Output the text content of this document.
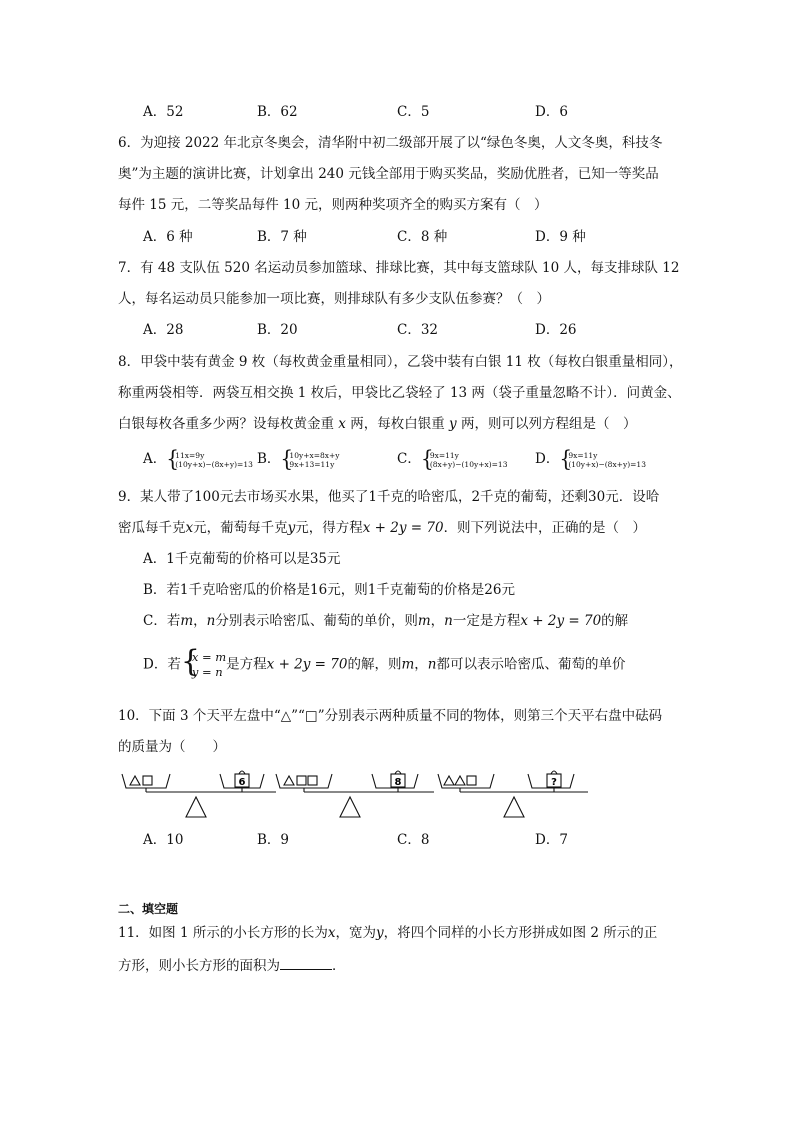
A．52	B．62	C．5	D．6
6．为迎接 2022 年北京冬奥会，清华附中初二级部开展了以“绿色冬奥，人文冬奥，科技冬
奥”为主题的演讲比赛，计划拿出 240 元钱全部用于购买奖品，奖励优胜者，已知一等奖品
每件 15 元，二等奖品每件 10 元，则两种奖项齐全的购买方案有（　）
A．6 种	B．7 种	C．8 种	D．9 种
7．有 48 支队伍 520 名运动员参加篮球、排球比赛，其中每支篮球队 10 人，每支排球队 12
人，每名运动员只能参加一项比赛，则排球队有多少支队伍参赛？（　）
A．28	B．20	C．32	D．26
8．甲袋中装有黄金 9 枚（每枚黄金重量相同），乙袋中装有白银 11 枚（每枚白银重量相同），
称重两袋相等．两袋互相交换 1 枚后，甲袋比乙袋轻了 13 两（袋子重量忽略不计）．问黄金、
白银每枚各重多少两？设每枚黄金重 x 两，每枚白银重 y 两，则可以列方程组是（　）
A． {
11x=9y
(10y+x)−(8x+y)=13 B． {
10y+x=8x+y
9x+13=11y	C． {
9x=11y
(8x+y)−(10y+x)=13 D． {
9x=11y
(10y+x)−(8x+y)=13
9．某人带了100元去市场买水果，他买了1千克的哈密瓜，2千克的葡萄，还剩30元．设哈
密瓜每千克x元，葡萄每千克y元，得方程x + 2y = 70．则下列说法中，正确的是（　）
A．1千克葡萄的价格可以是35元
B．若1千克哈密瓜的价格是16元，则1千克葡萄的价格是26元
C．若m，n分别表示哈密瓜、葡萄的单价，则m，n一定是方程x + 2y = 70的解
D．若 {
x = m
y = n 是方程x + 2y = 70的解，则m，n都可以表示哈密瓜、葡萄的单价
10．下面 3 个天平左盘中“△”“□”分别表示两种质量不同的物体，则第三个天平右盘中砝码
的质量为（　　）
6	8	?
A．10	B．9	C．8	D．7
二、填空题
11．如图 1 所示的小长方形的长为x，宽为y，将四个同样的小长方形拼成如图 2 所示的正
方形，则小长方形的面积为	．
